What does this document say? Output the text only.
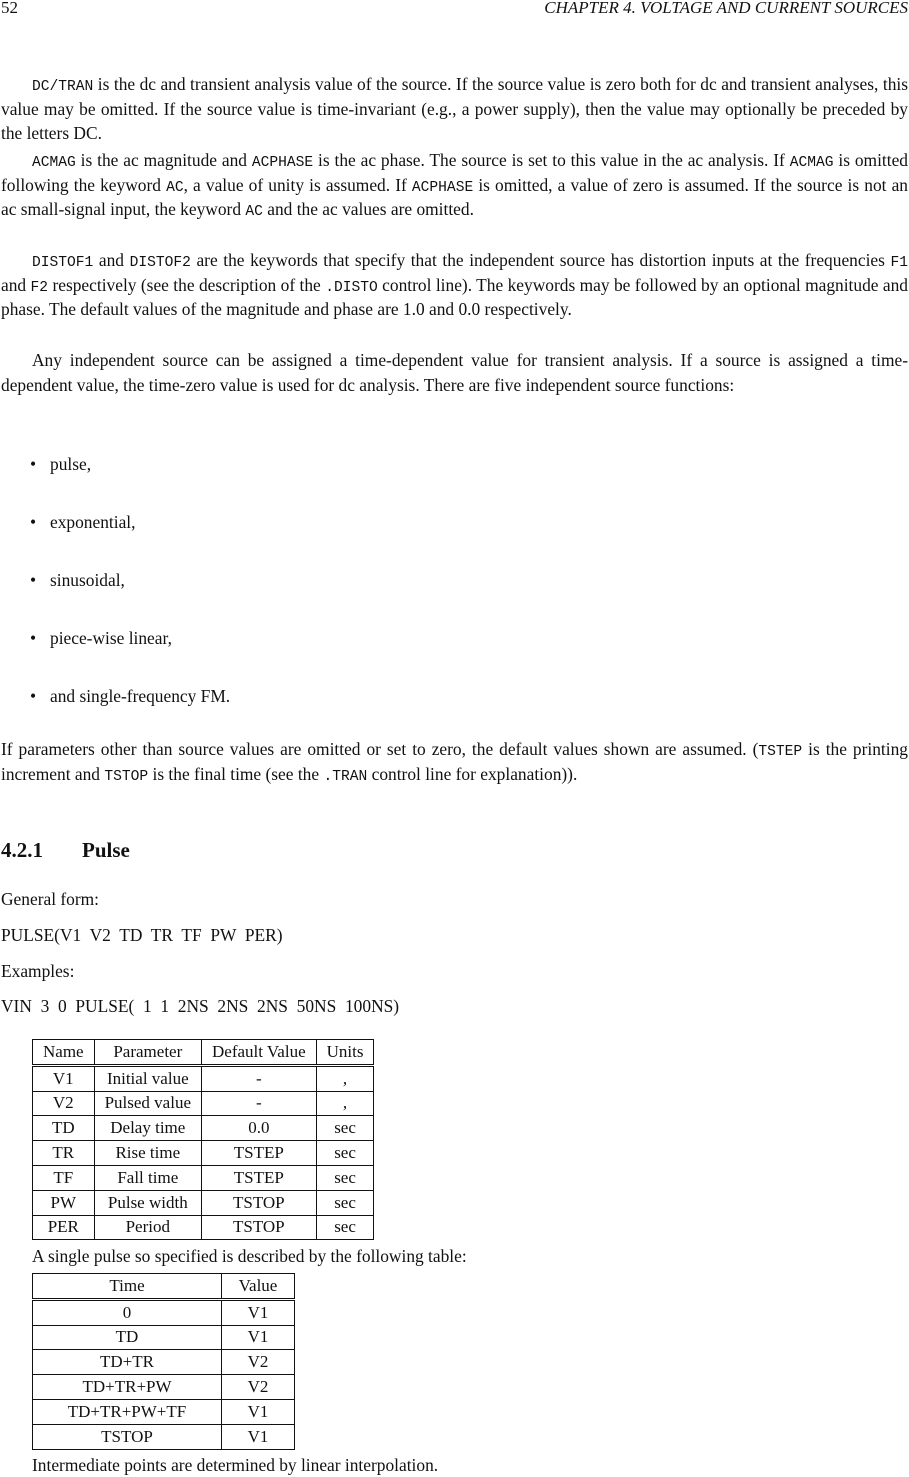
52	CHAPTER 4. VOLTAGE AND CURRENT SOURCES
DC/TRAN is the dc and transient analysis value of the source. If the source value is zero both for dc and transient analyses, this value may be omitted. If the source value is time-invariant (e.g., a power supply), then the value may optionally be preceded by the letters DC.
ACMAG is the ac magnitude and ACPHASE is the ac phase. The source is set to this value in the ac analysis. If ACMAG is omitted following the keyword AC, a value of unity is assumed. If ACPHASE is omitted, a value of zero is assumed. If the source is not an ac small-signal input, the keyword AC and the ac values are omitted.
DISTOF1 and DISTOF2 are the keywords that specify that the independent source has distortion inputs at the frequencies F1 and F2 respectively (see the description of the .DISTO control line). The keywords may be followed by an optional magnitude and phase. The default values of the magnitude and phase are 1.0 and 0.0 respectively.
Any independent source can be assigned a time-dependent value for transient analysis. If a source is assigned a time-dependent value, the time-zero value is used for dc analysis. There are five independent source functions:
• pulse,
• exponential,
• sinusoidal,
• piece-wise linear,
• and single-frequency FM.
If parameters other than source values are omitted or set to zero, the default values shown are assumed. (TSTEP is the printing increment and TSTOP is the final time (see the .TRAN control line for explanation)).
4.2.1 Pulse
General form:
PULSE(V1  V2  TD  TR  TF  PW  PER)
Examples:
VIN  3  0  PULSE(  1  1  2NS  2NS  2NS  50NS  100NS)
Name	Parameter	Default Value	Units
V1	Initial value	-	,
V2	Pulsed value	-	,
TD	Delay time	0.0	sec
TR	Rise time	TSTEP	sec
TF	Fall time	TSTEP	sec
PW	Pulse width	TSTOP	sec
PER	Period	TSTOP	sec
A single pulse so specified is described by the following table:
Time	Value
0	V1
TD	V1
TD+TR	V2
TD+TR+PW	V2
TD+TR+PW+TF	V1
TSTOP	V1
Intermediate points are determined by linear interpolation.
